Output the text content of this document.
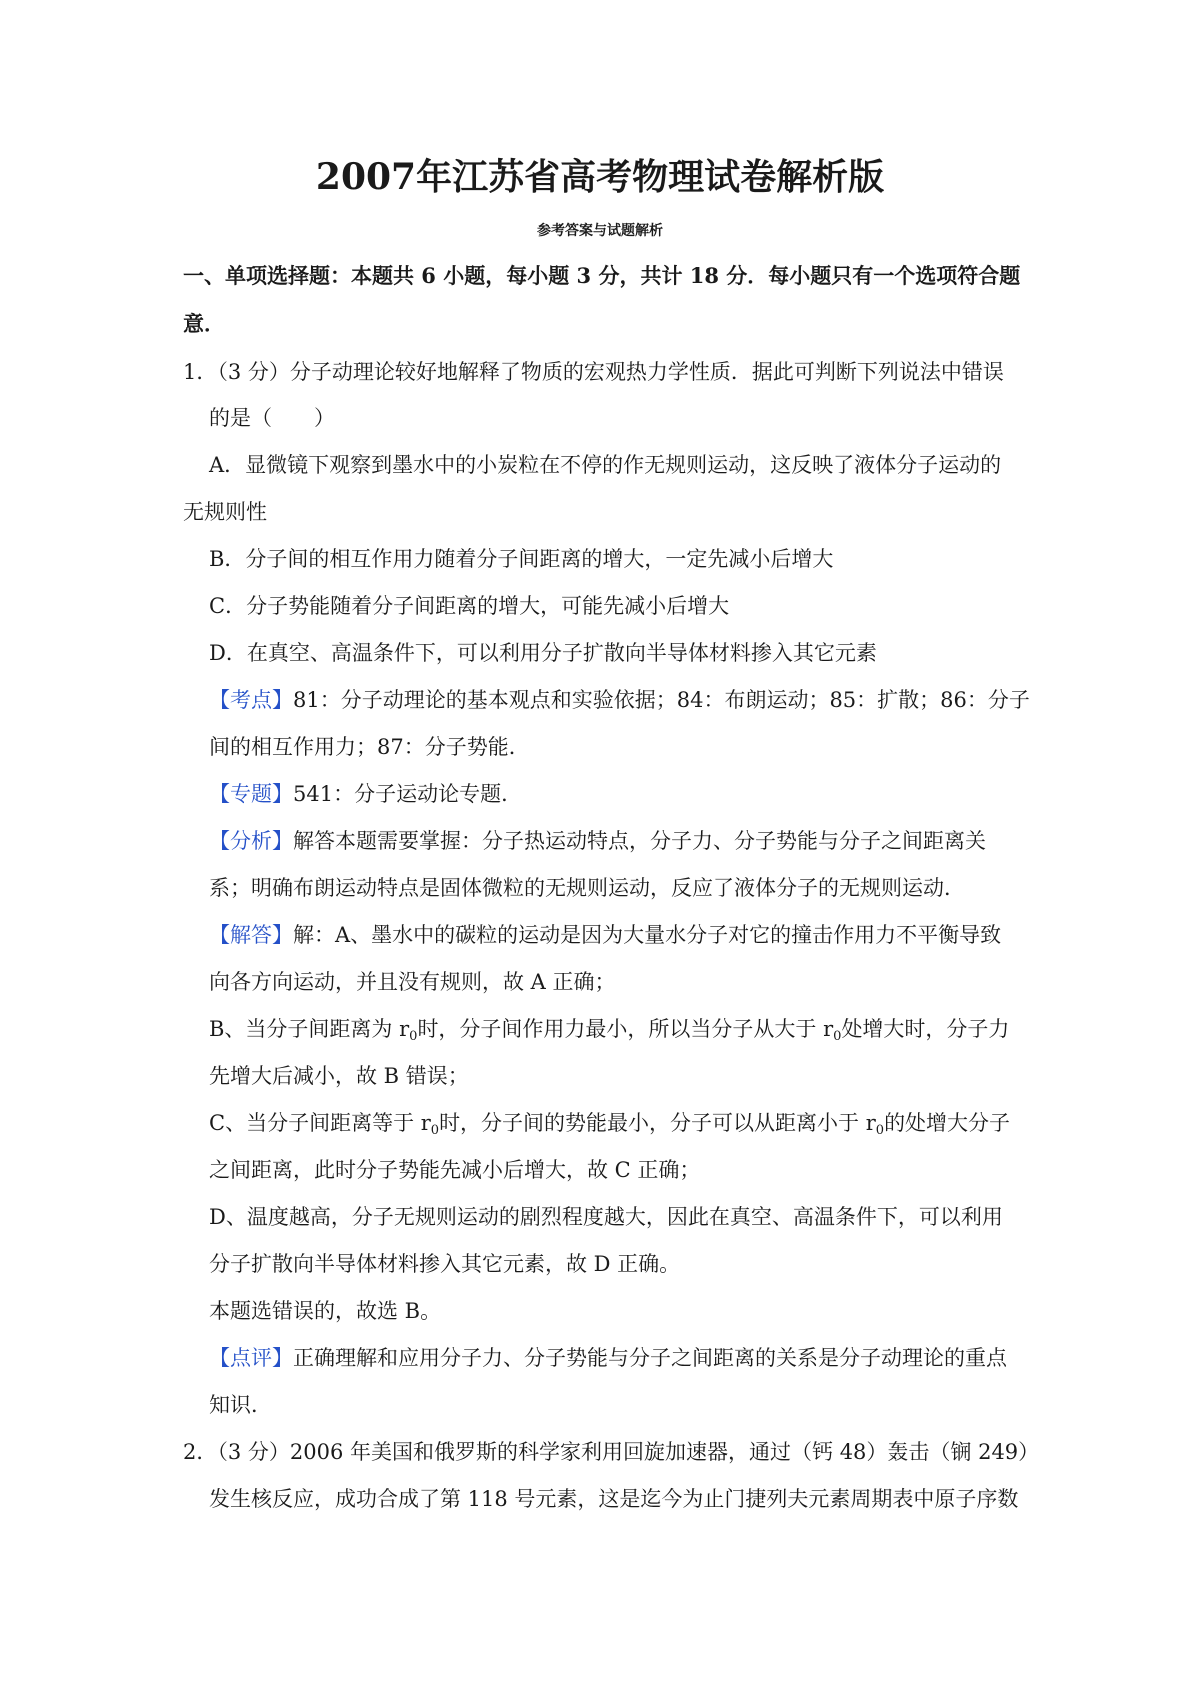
2007年江苏省高考物理试卷解析版
参考答案与试题解析
一、单项选择题：本题共 6 小题，每小题 3 分，共计 18 分．每小题只有一个选项符合题
意．
1．（3 分）分子动理论较好地解释了物质的宏观热力学性质．据此可判断下列说法中错误
的是（　　）
A．显微镜下观察到墨水中的小炭粒在不停的作无规则运动，这反映了液体分子运动的
无规则性
B．分子间的相互作用力随着分子间距离的增大，一定先减小后增大
C．分子势能随着分子间距离的增大，可能先减小后增大
D．在真空、高温条件下，可以利用分子扩散向半导体材料掺入其它元素
【考点】81：分子动理论的基本观点和实验依据；84：布朗运动；85：扩散；86：分子
间的相互作用力；87：分子势能．
【专题】541：分子运动论专题．
【分析】解答本题需要掌握：分子热运动特点，分子力、分子势能与分子之间距离关
系；明确布朗运动特点是固体微粒的无规则运动，反应了液体分子的无规则运动．
【解答】解：A、墨水中的碳粒的运动是因为大量水分子对它的撞击作用力不平衡导致
向各方向运动，并且没有规则，故 A 正确；
B、当分子间距离为 $r_0$时，分子间作用力最小，所以当分子从大于 $r_0$处增大时，分子力
先增大后减小，故 B 错误；
C、当分子间距离等于 $r_0$时，分子间的势能最小，分子可以从距离小于 $r_0$的处增大分子
之间距离，此时分子势能先减小后增大，故 C 正确；
D、温度越高，分子无规则运动的剧烈程度越大，因此在真空、高温条件下，可以利用
分子扩散向半导体材料掺入其它元素，故 D 正确。
本题选错误的，故选 B。
【点评】正确理解和应用分子力、分子势能与分子之间距离的关系是分子动理论的重点
知识．
2．（3 分）2006 年美国和俄罗斯的科学家利用回旋加速器，通过（钙 48）轰击（锎 249）
发生核反应，成功合成了第 118 号元素，这是迄今为止门捷列夫元素周期表中原子序数
